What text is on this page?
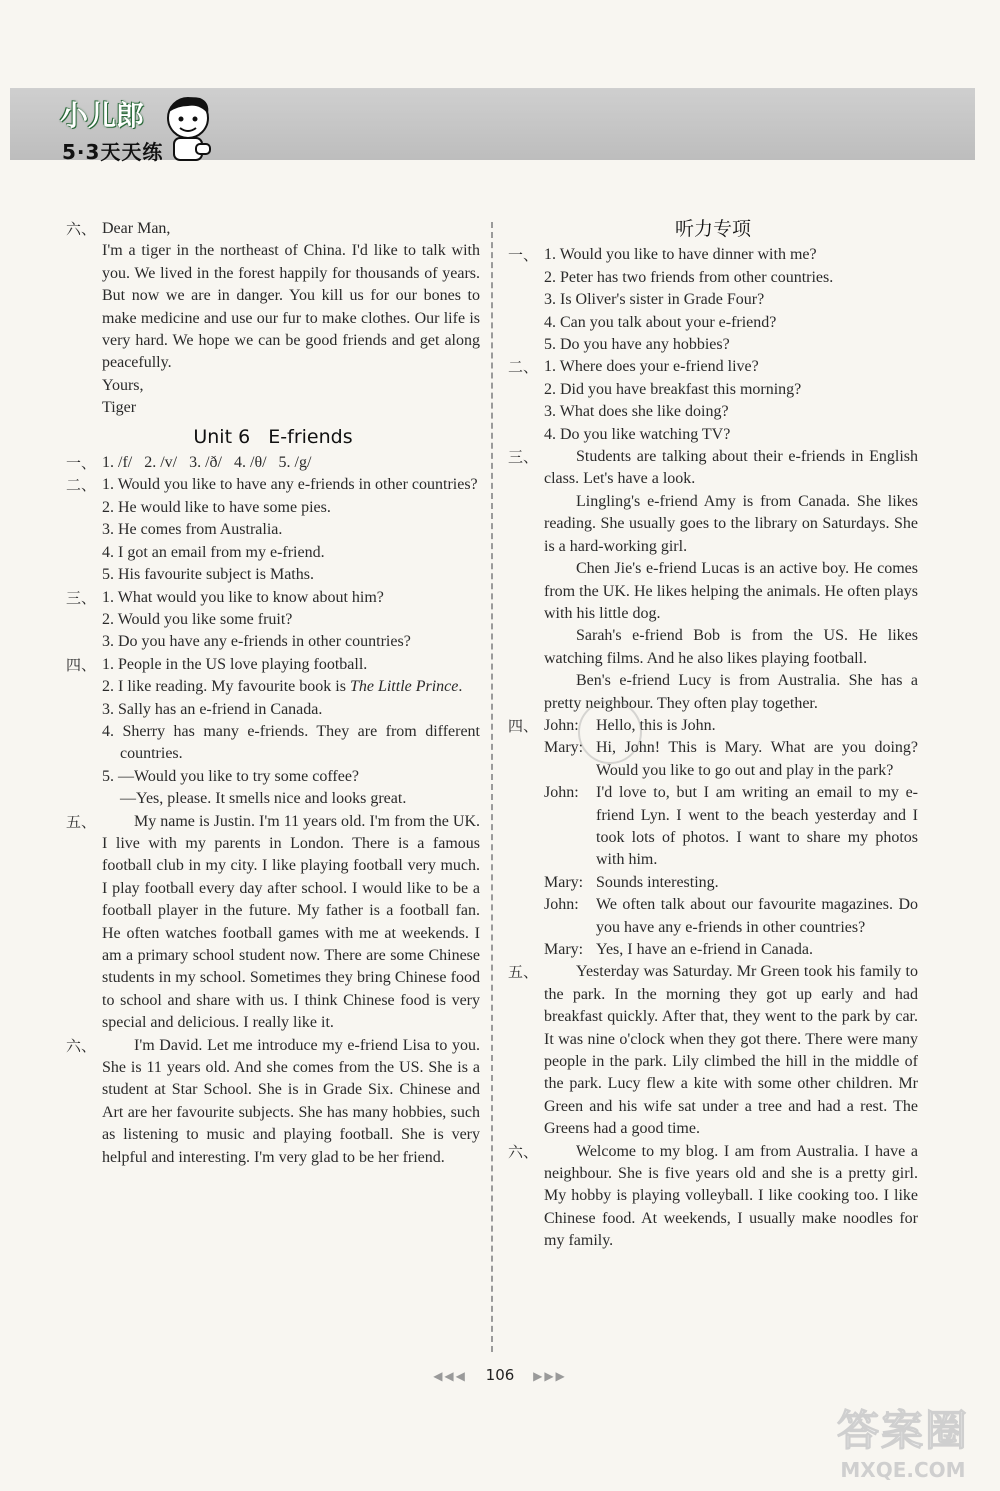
小儿郎
5·3天天练
六、 Dear Man,
I'm a tiger in the northeast of China. I'd like to talk with you. We lived in the forest happily for thousands of years. But now we are in danger. You kill us for our bones to make medicine and use our fur to make clothes. Our life is very hard. We hope we can be good friends and get along peacefully.
Yours,
Tiger
Unit 6   E-friends
一、 1. /f/   2. /v/   3. /ð/   4. /θ/   5. /g/
二、 1. Would you like to have any e-friends in other countries?
2. He would like to have some pies.
3. He comes from Australia.
4. I got an email from my e-friend.
5. His favourite subject is Maths.
三、 1. What would you like to know about him?
2. Would you like some fruit?
3. Do you have any e-friends in other countries?
四、 1. People in the US love playing football.
2. I like reading. My favourite book is The Little Prince.
3. Sally has an e-friend in Canada.
4. Sherry has many e-friends. They are from different countries.
5. —Would you like to try some coffee?
—Yes, please. It smells nice and looks great.
五、	My name is Justin. I'm 11 years old. I'm from the UK. I live with my parents in London. There is a famous football club in my city. I like playing football very much. I play football every day after school. I would like to be a football player in the future. My father is a football fan. He often watches football games with me at weekends. I am a primary school student now. There are some Chinese students in my school. Sometimes they bring Chinese food to school and share with us. I think Chinese food is very special and delicious. I really like it.
六、	I'm David. Let me introduce my e-friend Lisa to you. She is 11 years old. And she comes from the US. She is a student at Star School. She is in Grade Six. Chinese and Art are her favourite subjects. She has many hobbies, such as listening to music and playing football. She is very helpful and interesting. I'm very glad to be her friend.
听力专项
一、 1. Would you like to have dinner with me?
2. Peter has two friends from other countries.
3. Is Oliver's sister in Grade Four?
4. Can you talk about your e-friend?
5. Do you have any hobbies?
二、 1. Where does your e-friend live?
2. Did you have breakfast this morning?
3. What does she like doing?
4. Do you like watching TV?
三、	Students are talking about their e-friends in English class. Let's have a look.
Lingling's e-friend Amy is from Canada. She likes reading. She usually goes to the library on Saturdays. She is a hard-working girl.
Chen Jie's e-friend Lucas is an active boy. He comes from the UK. He likes helping the animals. He often plays with his little dog.
Sarah's e-friend Bob is from the US. He likes watching films. And he also likes playing football.
Ben's e-friend Lucy is from Australia. She has a pretty neighbour. They often play together.
四、 John:	Hello, this is John.
Mary: Hi, John! This is Mary. What are you doing? Would you like to go out and play in the park?
John:	I'd love to, but I am writing an email to my e-friend Lyn. I went to the beach yesterday and I took lots of photos. I want to share my photos with him.
Mary: Sounds interesting.
John:	We often talk about our favourite magazines. Do you have any e-friends in other countries?
Mary: Yes, I have an e-friend in Canada.
五、	Yesterday was Saturday. Mr Green took his family to the park. In the morning they got up early and had breakfast quickly. After that, they went to the park by car. It was nine o'clock when they got there. There were many people in the park. Lily climbed the hill in the middle of the park. Lucy flew a kite with some other children. Mr Green and his wife sat under a tree and had a rest. The Greens had a good time.
六、	Welcome to my blog. I am from Australia. I have a neighbour. She is five years old and she is a pretty girl. My hobby is playing volleyball. I like cooking too. I like Chinese food. At weekends, I usually make noodles for my family.
◀◀◀ 106 ▶▶▶
答案圈
MXQE.COM
